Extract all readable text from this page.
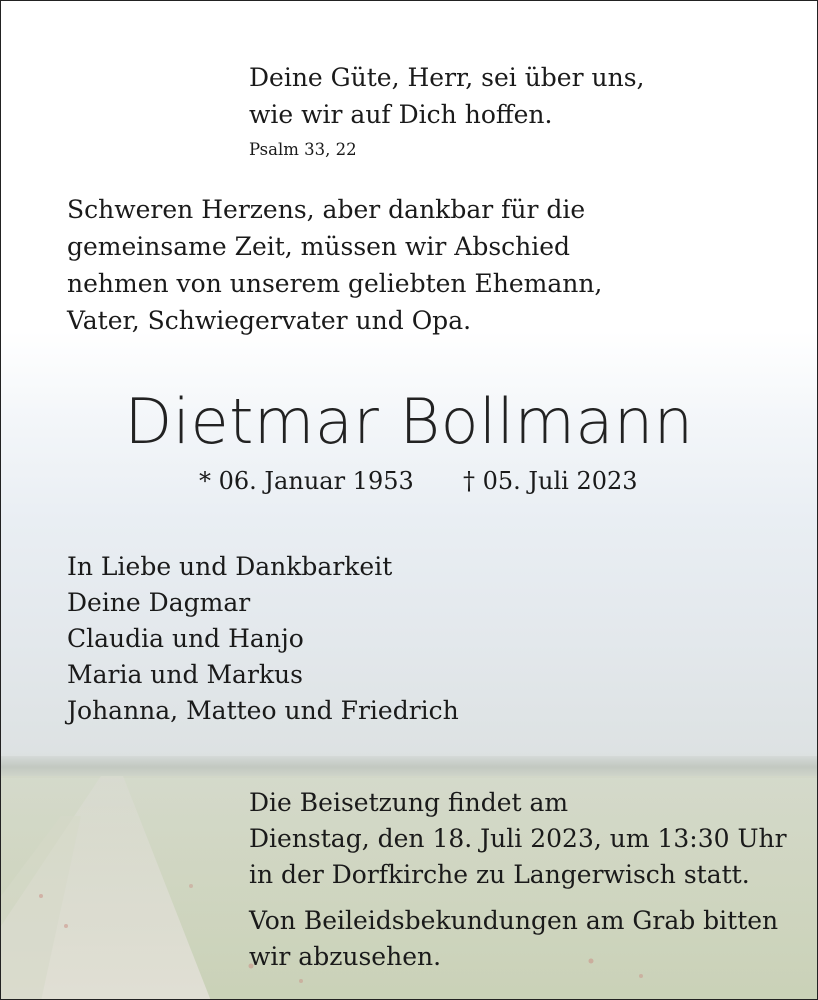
Deine Güte, Herr, sei über uns,
wie wir auf Dich hoffen.
Psalm 33, 22
Schweren Herzens, aber dankbar für die
gemeinsame Zeit, müssen wir Abschied
nehmen von unserem geliebten Ehemann,
Vater, Schwiegervater und Opa.
Dietmar Bollmann
* 06. Januar 1953 † 05. Juli 2023
In Liebe und Dankbarkeit
Deine Dagmar
Claudia und Hanjo
Maria und Markus
Johanna, Matteo und Friedrich
Die Beisetzung findet am
Dienstag, den 18. Juli 2023, um 13:30 Uhr
in der Dorfkirche zu Langerwisch statt.
Von Beileidsbekundungen am Grab bitten
wir abzusehen.
